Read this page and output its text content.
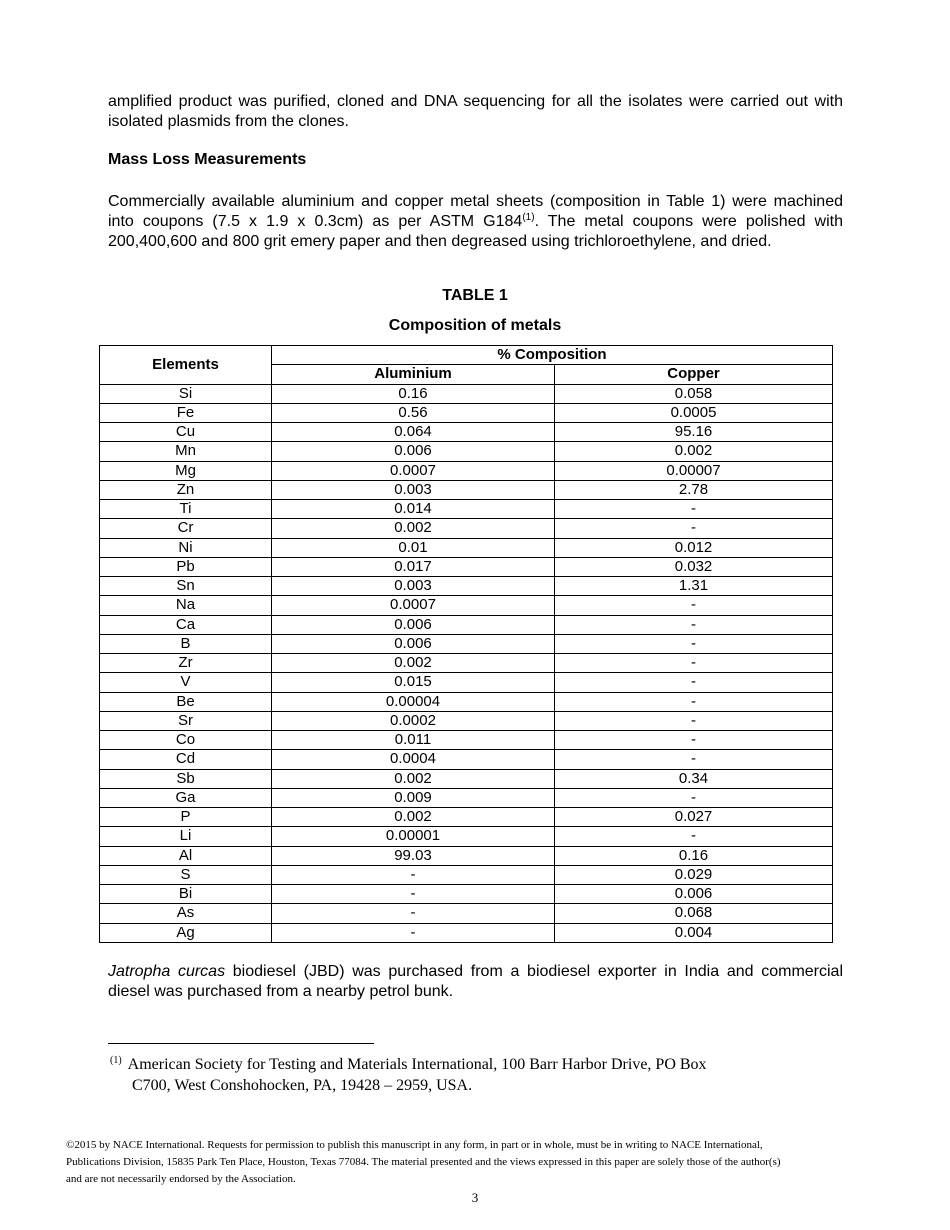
amplified product was purified, cloned and DNA sequencing for all the isolates were carried out with isolated plasmids from the clones.
Mass Loss Measurements
Commercially available aluminium and copper metal sheets (composition in Table 1) were machined into coupons (7.5 x 1.9 x 0.3cm) as per ASTM G184$^{(1)}$. The metal coupons were polished with 200,400,600 and 800 grit emery paper and then degreased using trichloroethylene, and dried.
TABLE 1
Composition of metals
Elements	% Composition	
	Aluminium	Copper
Si	0.16	0.058
Fe	0.56	0.0005
Cu	0.064	95.16
Mn	0.006	0.002
Mg	0.0007	0.00007
Zn	0.003	2.78
Ti	0.014	-
Cr	0.002	-
Ni	0.01	0.012
Pb	0.017	0.032
Sn	0.003	1.31
Na	0.0007	-
Ca	0.006	-
B	0.006	-
Zr	0.002	-
V	0.015	-
Be	0.00004	-
Sr	0.0002	-
Co	0.011	-
Cd	0.0004	-
Sb	0.002	0.34
Ga	0.009	-
P	0.002	0.027
Li	0.00001	-
Al	99.03	0.16
S	-	0.029
Bi	-	0.006
As	-	0.068
Ag	-	0.004
Jatropha curcas biodiesel (JBD) was purchased from a biodiesel exporter in India and commercial diesel was purchased from a nearby petrol bunk.
$^{(1)}$ American Society for Testing and Materials International, 100 Barr Harbor Drive, PO Box
C700, West Conshohocken, PA, 19428 – 2959, USA.
©2015 by NACE International. Requests for permission to publish this manuscript in any form, in part or in whole, must be in writing to NACE International, Publications Division, 15835 Park Ten Place, Houston, Texas 77084. The material presented and the views expressed in this paper are solely those of the author(s) and are not necessarily endorsed by the Association.
3
